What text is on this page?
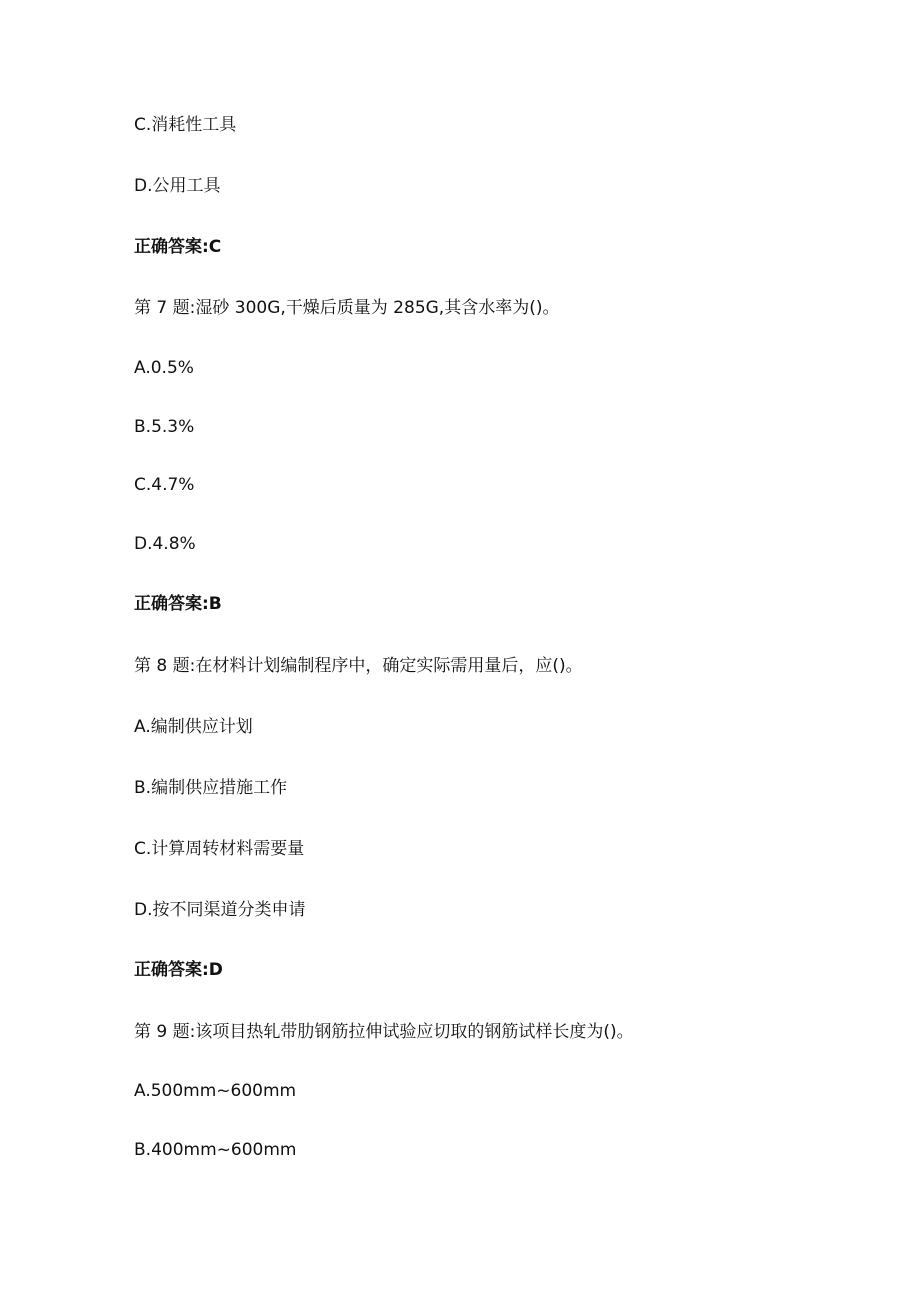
C.消耗性工具
D.公用工具
正确答案:C
第 7 题:湿砂 300G,干燥后质量为 285G,其含水率为()。
A.0.5%
B.5.3%
C.4.7%
D.4.8%
正确答案:B
第 8 题:在材料计划编制程序中，确定实际需用量后，应()。
A.编制供应计划
B.编制供应措施工作
C.计算周转材料需要量
D.按不同渠道分类申请
正确答案:D
第 9 题:该项目热轧带肋钢筋拉伸试验应切取的钢筋试样长度为()。
A.500mm~600mm
B.400mm~600mm
